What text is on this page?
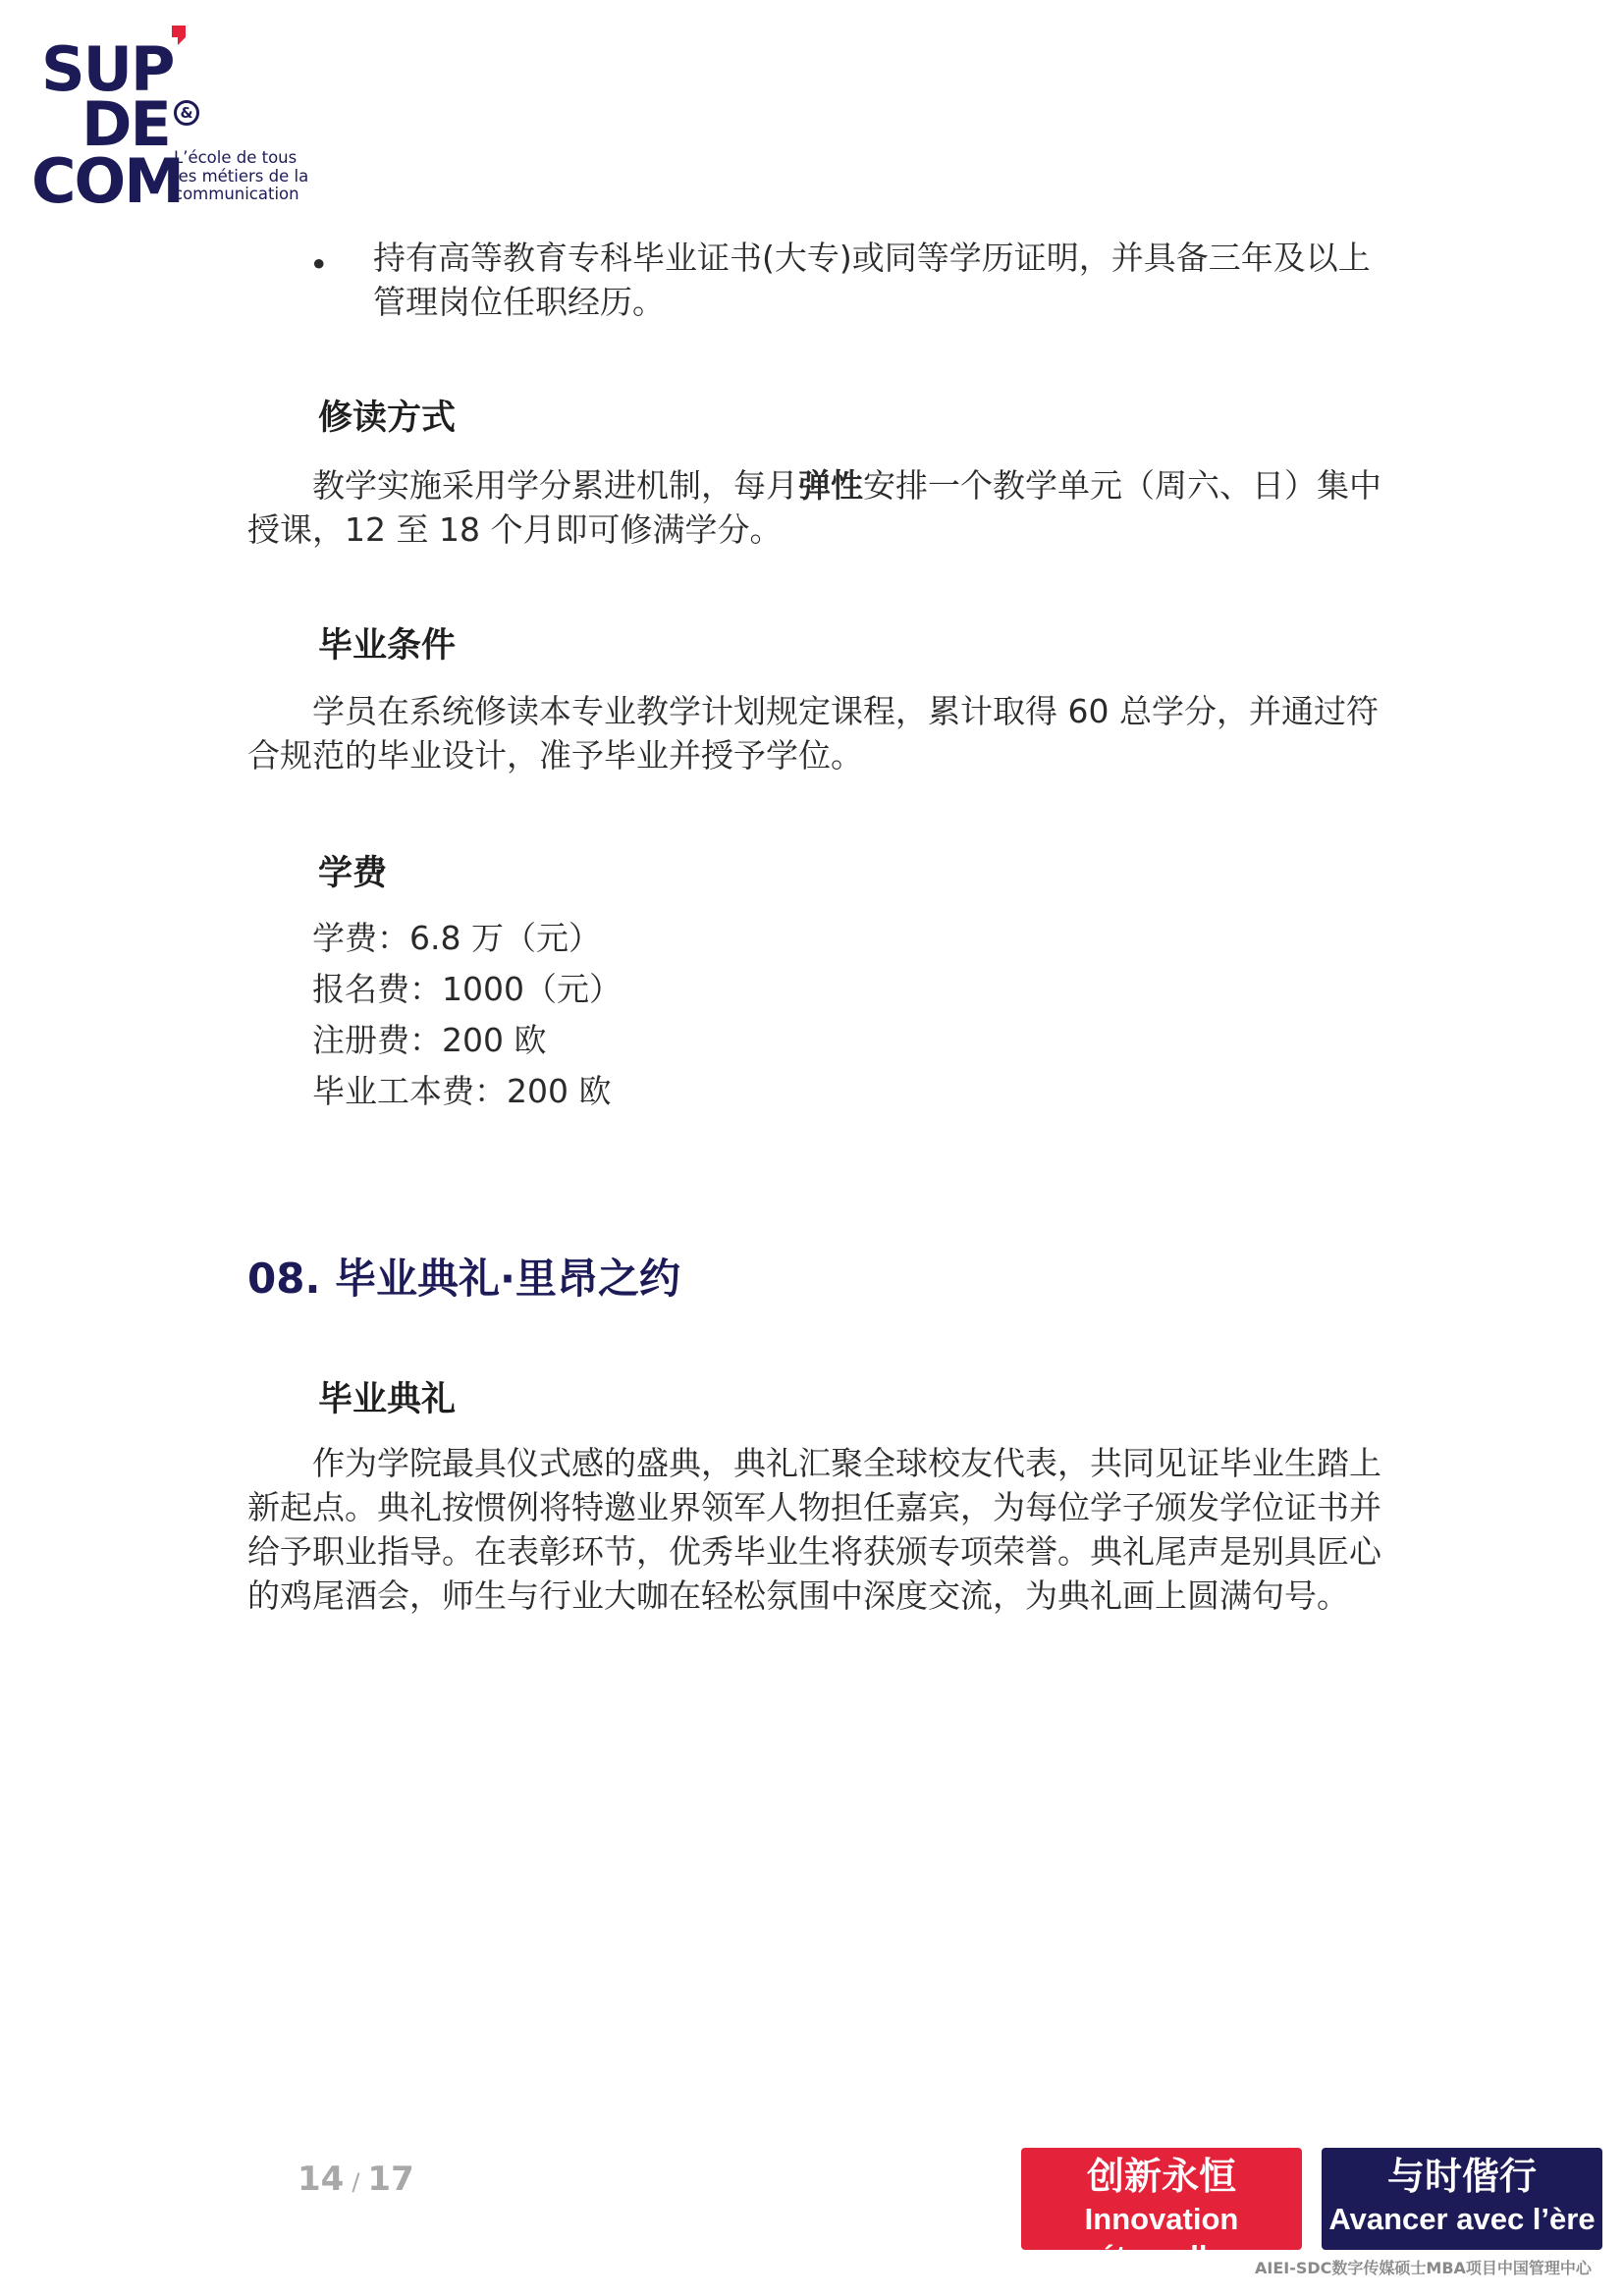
SUP
DE &
COM
L’école de tous
les métiers de la
communication
• 持有高等教育专科毕业证书(大专)或同等学历证明，并具备三年及以上管理岗位任职经历。
修读方式
教学实施采用学分累进机制，每月弹性安排一个教学单元（周六、日）集中授课，12 至 18 个月即可修满学分。
毕业条件
学员在系统修读本专业教学计划规定课程，累计取得 60 总学分，并通过符合规范的毕业设计，准予毕业并授予学位。
学费
学费：6.8 万（元）
报名费：1000（元）
注册费：200 欧
毕业工本费：200 欧
08. 毕业典礼·里昂之约
毕业典礼
作为学院最具仪式感的盛典，典礼汇聚全球校友代表，共同见证毕业生踏上新起点。典礼按惯例将特邀业界领军人物担任嘉宾，为每位学子颁发学位证书并给予职业指导。在表彰环节，优秀毕业生将获颁专项荣誉。典礼尾声是别具匠心的鸡尾酒会，师生与行业大咖在轻松氛围中深度交流，为典礼画上圆满句号。
14 / 17	创新永恒
Innovation éternelle
与时偕行
Avancer avec l’ère
AIEI-SDC数字传媒硕士MBA项目中国管理中心
